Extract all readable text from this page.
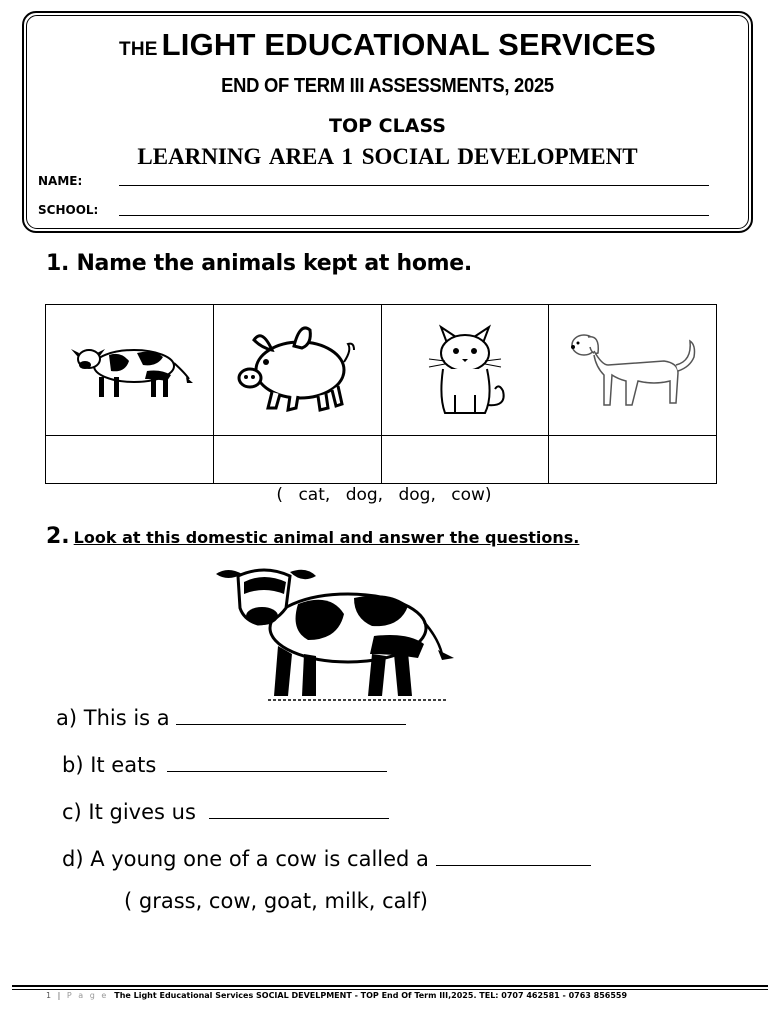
THE LIGHT EDUCATIONAL SERVICES
END OF TERM III ASSESSMENTS, 2025
TOP CLASS
LEARNING AREA 1 SOCIAL DEVELOPMENT
NAME:
SCHOOL:
1. Name the animals kept at home.

( cat, dog, dog, cow)
2. Look at this domestic animal and answer the questions.
a) This is a
b) It eats
c) It gives us
d) A young one of a cow is called a
( grass, cow, goat, milk, calf)
1 | P a g e The Light Educational Services SOCIAL DEVELPMENT - TOP End Of Term III,2025. TEL: 0707 462581 - 0763 856559
